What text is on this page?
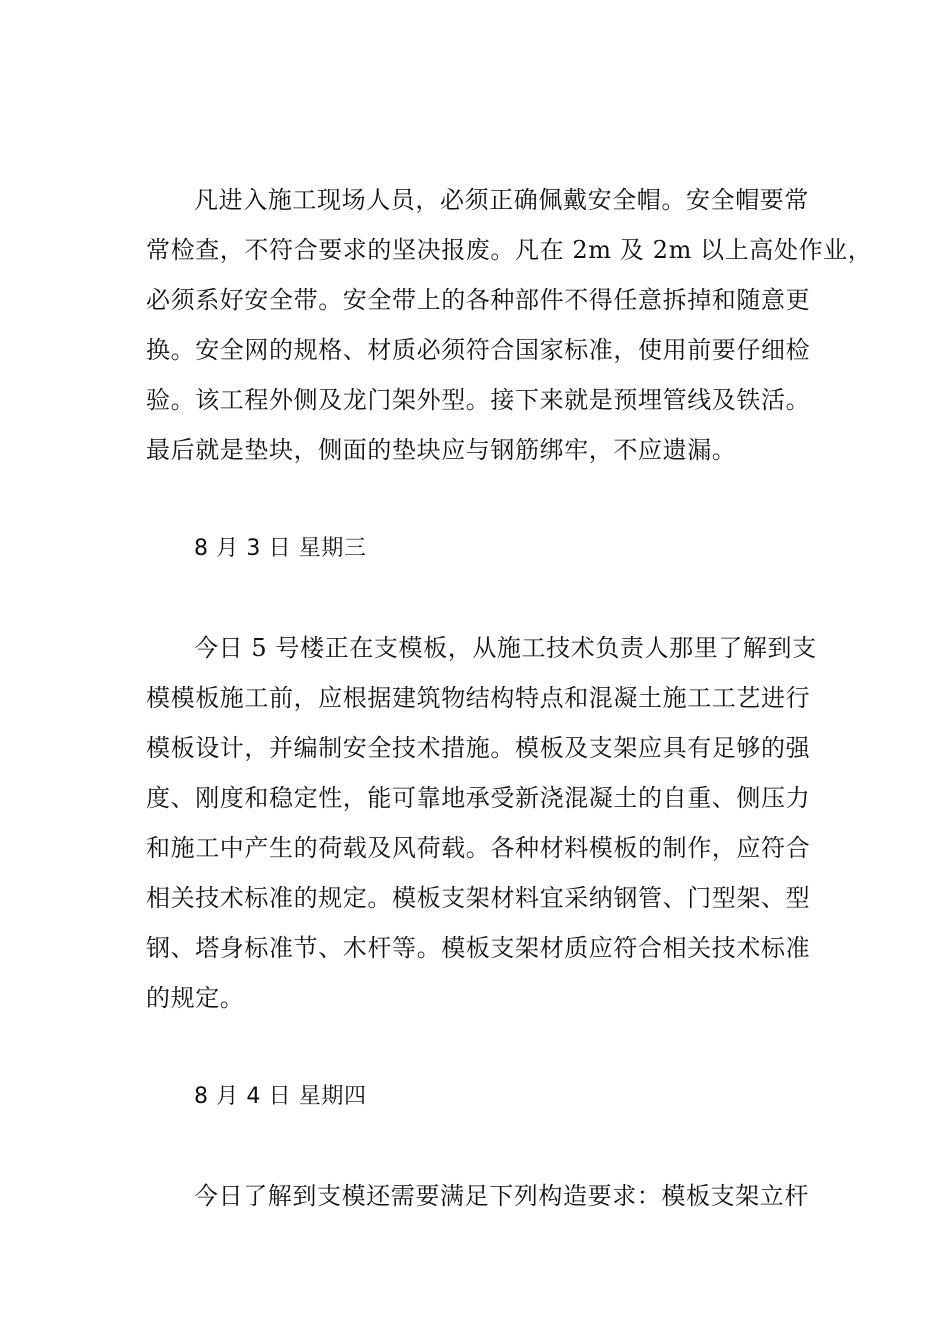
凡进入施工现场人员，必须正确佩戴安全帽。安全帽要常
常检查，不符合要求的坚决报废。凡在 2m 及 2m 以上高处作业，
必须系好安全带。安全带上的各种部件不得任意拆掉和随意更
换。安全网的规格、材质必须符合国家标准，使用前要仔细检
验。该工程外侧及龙门架外型。接下来就是预埋管线及铁活。
最后就是垫块，侧面的垫块应与钢筋绑牢，不应遗漏。
8 月 3 日 星期三
今日 5 号楼正在支模板，从施工技术负责人那里了解到支
模模板施工前，应根据建筑物结构特点和混凝土施工工艺进行
模板设计，并编制安全技术措施。模板及支架应具有足够的强
度、刚度和稳定性，能可靠地承受新浇混凝土的自重、侧压力
和施工中产生的荷载及风荷载。各种材料模板的制作，应符合
相关技术标准的规定。模板支架材料宜采纳钢管、门型架、型
钢、塔身标准节、木杆等。模板支架材质应符合相关技术标准
的规定。
8 月 4 日 星期四
今日了解到支模还需要满足下列构造要求：模板支架立杆
